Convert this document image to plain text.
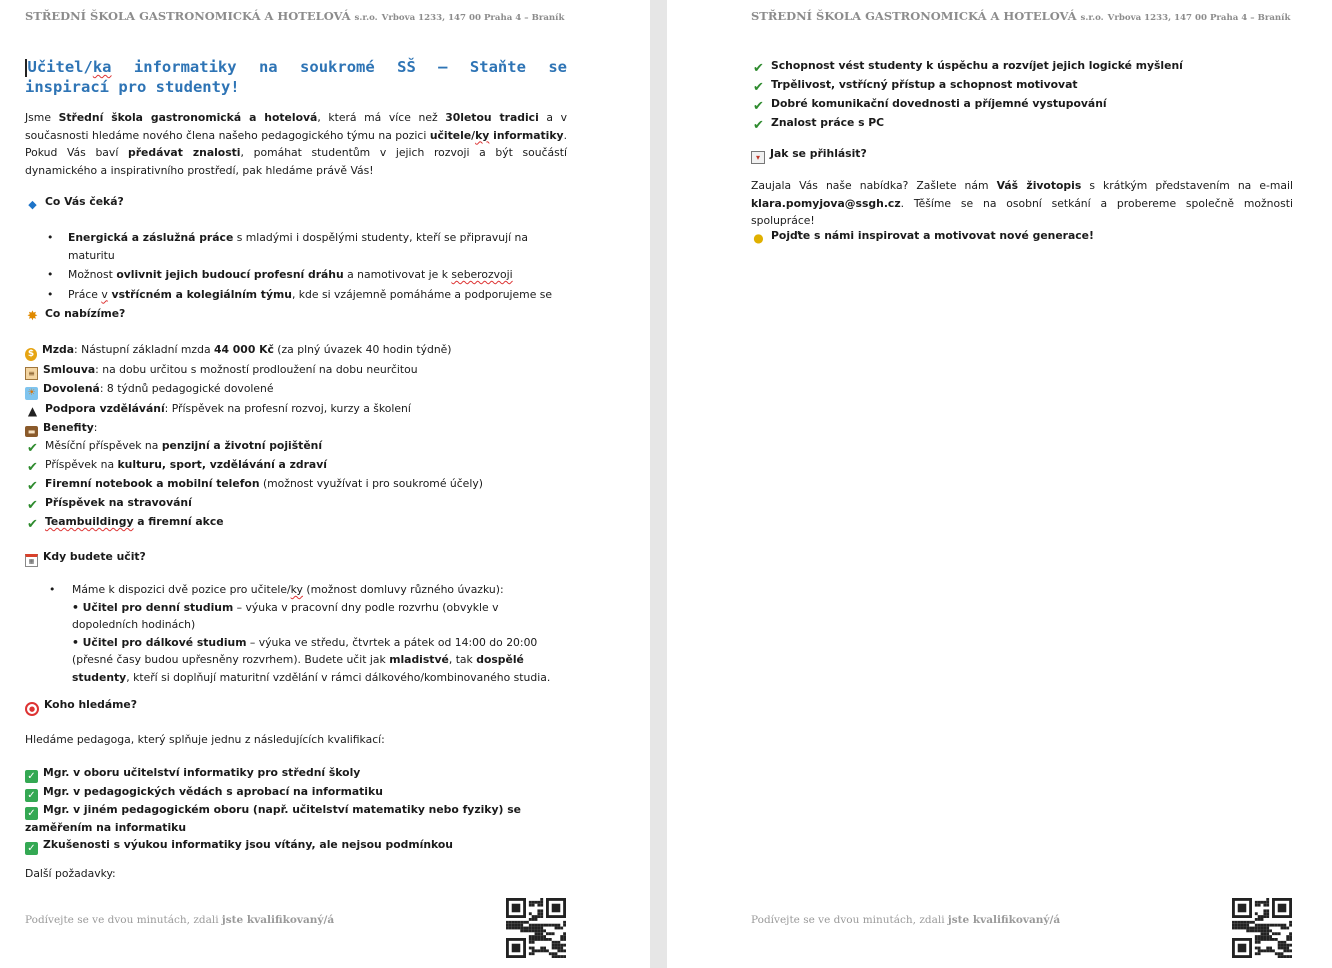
STŘEDNÍ ŠKOLA GASTRONOMICKÁ A HOTELOVÁ s.r.o. Vrbova 1233, 147 00 Praha 4 – Braník
Učitel/ka informatiky na soukromé SŠ – Staňte se inspirací pro studenty!
Jsme Střední škola gastronomická a hotelová, která má více než 30letou tradici a v současnosti hledáme nového člena našeho pedagogického týmu na pozici učitele/ky informatiky. Pokud Vás baví předávat znalosti, pomáhat studentům v jejich rozvoji a být součástí dynamického a inspirativního prostředí, pak hledáme právě Vás!
◆ Co Vás čeká?
• Energická a záslužná práce s mladými i dospělými studenty, kteří se připravují na maturitu
• Možnost ovlivnit jejich budoucí profesní dráhu a namotivovat je k seberozvoji
• Práce v vstřícném a kolegiálním týmu, kde si vzájemně pomáháme a podporujeme se
✸ Co nabízíme?
$ Mzda: Nástupní základní mzda 44 000 Kč (za plný úvazek 40 hodin týdně)
≡ Smlouva: na dobu určitou s možností prodloužení na dobu neurčitou
☀ Dovolená: 8 týdnů pedagogické dovolené
▲ Podpora vzdělávání: Příspěvek na profesní rozvoj, kurzy a školení
▬ Benefity:
✔ Měsíční příspěvek na penzijní a životní pojištění
✔ Příspěvek na kulturu, sport, vzdělávání a zdraví
✔ Firemní notebook a mobilní telefon (možnost využívat i pro soukromé účely)
✔ Příspěvek na stravování
✔ Teambuildingy a firemní akce
▦ Kdy budete učit?
• Máme k dispozici dvě pozice pro učitele/ky (možnost domluvy různého úvazku):
• Učitel pro denní studium – výuka v pracovní dny podle rozvrhu (obvykle v dopoledních hodinách)
• Učitel pro dálkové studium – výuka ve středu, čtvrtek a pátek od 14:00 do 20:00 (přesné časy budou upřesněny rozvrhem). Budete učit jak mladistvé, tak dospělé studenty, kteří si doplňují maturitní vzdělání v rámci dálkového/kombinovaného studia.
● Koho hledáme?
Hledáme pedagoga, který splňuje jednu z následujících kvalifikací:
✓ Mgr. v oboru učitelství informatiky pro střední školy
✓ Mgr. v pedagogických vědách s aprobací na informatiku
✓ Mgr. v jiném pedagogickém oboru (např. učitelství matematiky nebo fyziky) se zaměřením na informatiku
✓ Zkušenosti s výukou informatiky jsou vítány, ale nejsou podmínkou
Další požadavky:
Podívejte se ve dvou minutách, zdali jste kvalifikovaný/á
STŘEDNÍ ŠKOLA GASTRONOMICKÁ A HOTELOVÁ s.r.o. Vrbova 1233, 147 00 Praha 4 – Braník
✔ Schopnost vést studenty k úspěchu a rozvíjet jejich logické myšlení
✔ Trpělivost, vstřícný přístup a schopnost motivovat
✔ Dobré komunikační dovednosti a příjemné vystupování
✔ Znalost práce s PC
▾ Jak se přihlásit?
Zaujala Vás naše nabídka? Zašlete nám Váš životopis s krátkým představením na e-mail klara.pomyjova@ssgh.cz. Těšíme se na osobní setkání a probereme společně možnosti spolupráce!
● Pojďte s námi inspirovat a motivovat nové generace!
Podívejte se ve dvou minutách, zdali jste kvalifikovaný/á
